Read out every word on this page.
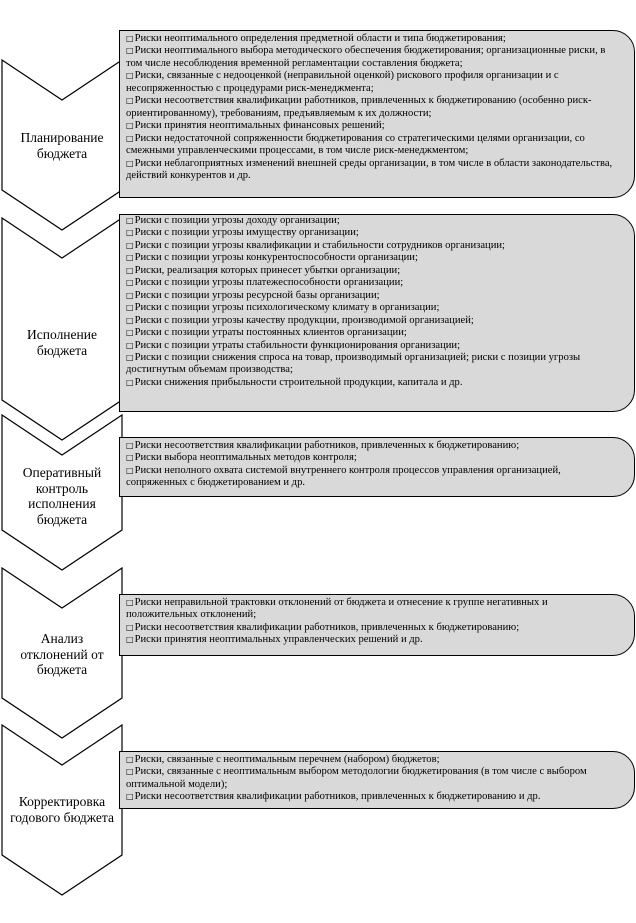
Планирование
бюджета
□Риски неоптимального определения предметной области и типа бюджетирования;
□Риски неоптимального выбора методического обеспечения бюджетирования; организационные риски, в том числе несоблюдения временной регламентации составления бюджета;
□Риски, связанные с недооценкой (неправильной оценкой) рискового профиля организации и с несопряженностью с процедурами риск-менеджмента;
□Риски несоответствия квалификации работников, привлеченных к бюджетированию (особенно риск-ориентированному), требованиям, предъявляемым к их должности;
□Риски принятия неоптимальных финансовых решений;
□Риски недостаточной сопряженности бюджетирования со стратегическими целями организации, со смежными управленческими процессами, в том числе риск-менеджментом;
□Риски неблагоприятных изменений внешней среды организации, в том числе в области законодательства, действий конкурентов и др.
Исполнение
бюджета
□Риски с позиции угрозы доходу организации;
□Риски с позиции угрозы имуществу организации;
□Риски с позиции угрозы квалификации и стабильности сотрудников организации;
□Риски с позиции угрозы конкурентоспособности организации;
□Риски, реализация которых принесет убытки организации;
□Риски с позиции угрозы платежеспособности организации;
□Риски с позиции угрозы ресурсной базы организации;
□Риски с позиции угрозы психологическому климату в организации;
□Риски с позиции угрозы качеству продукции, производимой организацией;
□Риски с позиции утраты постоянных клиентов организации;
□Риски с позиции утраты стабильности функционирования организации;
□Риски с позиции снижения спроса на товар, производимый организацией; риски с позиции угрозы достигнутым объемам производства;
□Риски снижения прибыльности строительной продукции, капитала и др.
Оперативный
контроль
исполнения
бюджета
□Риски несоответствия квалификации работников, привлеченных к бюджетированию;
□Риски выбора неоптимальных методов контроля;
□Риски неполного охвата системой внутреннего контроля процессов управления организацией, сопряженных с бюджетированием и др.
Анализ
отклонений от
бюджета
□Риски неправильной трактовки отклонений от бюджета и отнесение к группе негативных и положительных отклонений;
□Риски несоответствия квалификации работников, привлеченных к бюджетированию;
□Риски принятия неоптимальных управленческих решений и др.
Корректировка
годового бюджета
□Риски, связанные с неоптимальным перечнем (набором) бюджетов;
□Риски, связанные с неоптимальным выбором методологии бюджетирования (в том числе с выбором оптимальной модели);
□Риски несоответствия квалификации работников, привлеченных к бюджетированию и др.
